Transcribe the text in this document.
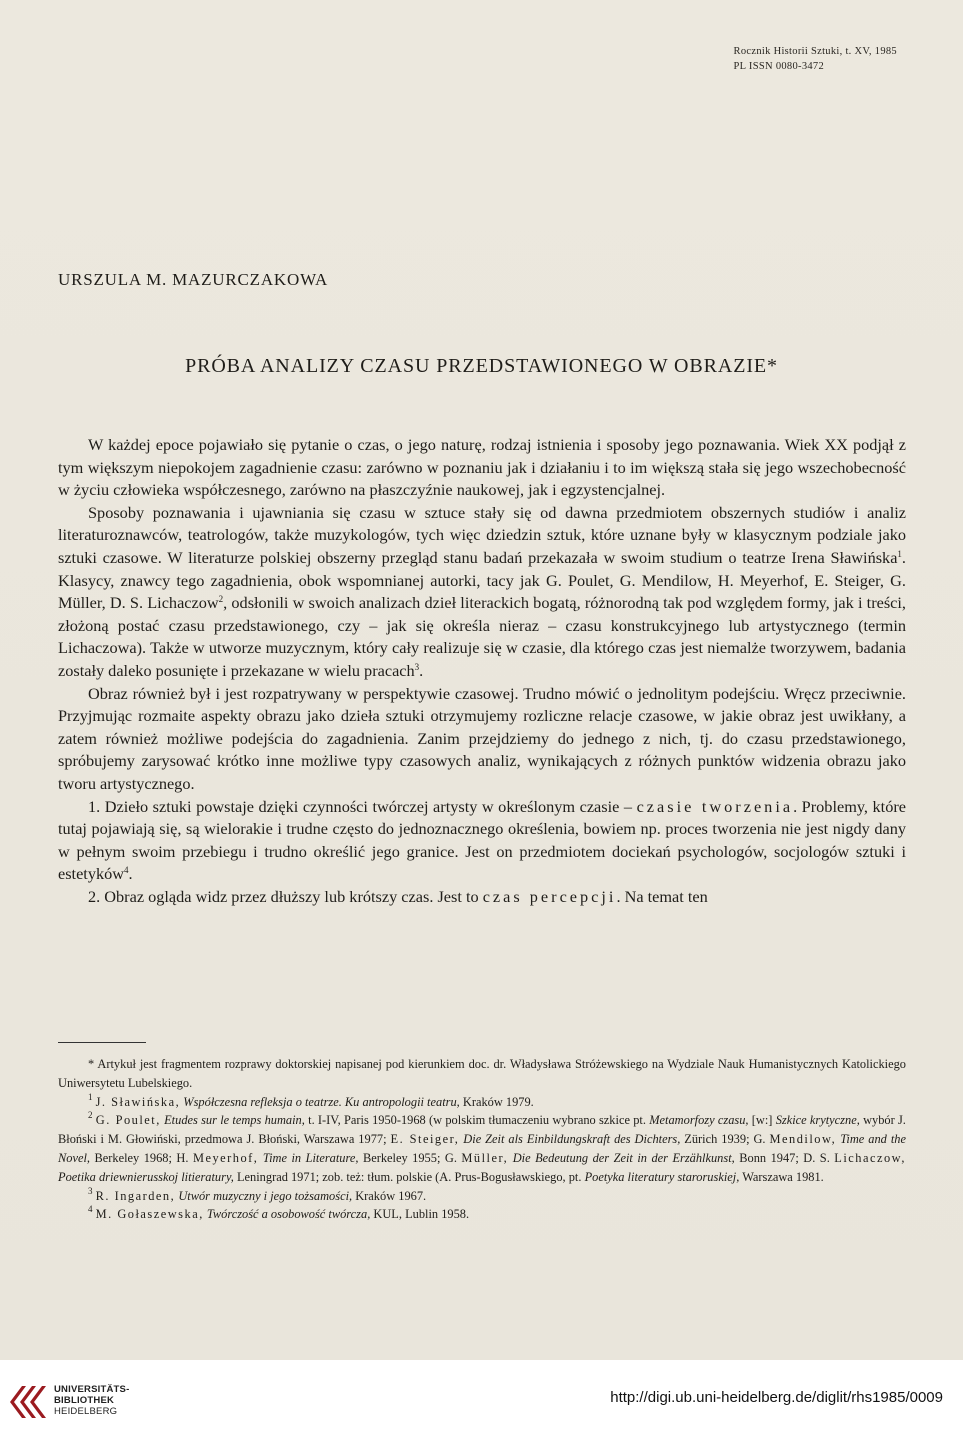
Rocznik Historii Sztuki, t. XV, 1985
PL ISSN 0080-3472
URSZULA M. MAZURCZAKOWA
PRÓBA ANALIZY CZASU PRZEDSTAWIONEGO W OBRAZIE*

W każdej epoce pojawiało się pytanie o czas, o jego naturę, rodzaj istnienia i sposoby jego poznawania. Wiek XX podjął z tym większym niepokojem zagadnienie czasu: zarówno w poznaniu jak i działaniu i to im większą stała się jego wszechobecność w życiu człowieka współczesnego, zarówno na płaszczyźnie naukowej, jak i egzystencjalnej.

Sposoby poznawania i ujawniania się czasu w sztuce stały się od dawna przedmiotem obszernych studiów i analiz literaturoznawców, teatrologów, także muzykologów, tych więc dziedzin sztuk, które uznane były w klasycznym podziale jako sztuki czasowe. W literaturze polskiej obszerny przegląd stanu badań przekazała w swoim studium o teatrze Irena Sławińska$^1$. Klasycy, znawcy tego zagadnienia, obok wspomnianej autorki, tacy jak G. Poulet, G. Mendilow, H. Meyerhof, E. Steiger, G. Müller, D. S. Lichaczow$^2$, odsłonili w swoich analizach dzieł literackich bogatą, różnorodną tak pod względem formy, jak i treści, złożoną postać czasu przedstawionego, czy – jak się określa nieraz – czasu konstrukcyjnego lub artystycznego (termin Lichaczowa). Także w utworze muzycznym, który cały realizuje się w czasie, dla którego czas jest niemalże tworzywem, badania zostały daleko posunięte i przekazane w wielu pracach$^3$.

Obraz również był i jest rozpatrywany w perspektywie czasowej. Trudno mówić o jednolitym podejściu. Wręcz przeciwnie. Przyjmując rozmaite aspekty obrazu jako dzieła sztuki otrzymujemy rozliczne relacje czasowe, w jakie obraz jest uwikłany, a zatem również możliwe podejścia do zagadnienia. Zanim przejdziemy do jednego z nich, tj. do czasu przedstawionego, spróbujemy zarysować krótko inne możliwe typy czasowych analiz, wynikających z różnych punktów widzenia obrazu jako tworu artystycznego.

1. Dzieło sztuki powstaje dzięki czynności twórczej artysty w określonym czasie – czasie tworzenia. Problemy, które tutaj pojawiają się, są wielorakie i trudne często do jednoznacznego określenia, bowiem np. proces tworzenia nie jest nigdy dany w pełnym swoim przebiegu i trudno określić jego granice. Jest on przedmiotem dociekań psychologów, socjologów sztuki i estetyków$^4$.

2. Obraz ogląda widz przez dłuższy lub krótszy czas. Jest to czas percepcji. Na temat ten

* Artykuł jest fragmentem rozprawy doktorskiej napisanej pod kierunkiem doc. dr. Władysława Stróżewskiego na Wydziale Nauk Humanistycznych Katolickiego Uniwersytetu Lubelskiego.

$^1$ J. Sławińska, Współczesna refleksja o teatrze. Ku antropologii teatru, Kraków 1979.

$^2$ G. Poulet, Etudes sur le temps humain, t. I-IV, Paris 1950-1968 (w polskim tłumaczeniu wybrano szkice pt. Metamorfozy czasu, [w:] Szkice krytyczne, wybór J. Błoński i M. Głowiński, przedmowa J. Błoński, Warszawa 1977; E. Steiger, Die Zeit als Einbildungskraft des Dichters, Zürich 1939; G. Mendilow, Time and the Novel, Berkeley 1968; H. Meyerhof, Time in Literature, Berkeley 1955; G. Müller, Die Bedeutung der Zeit in der Erzählkunst, Bonn 1947; D. S. Lichaczow, Poetika driewnierusskoj litieratury, Leningrad 1971; zob. też: tłum. polskie (A. Prus-Bogusławskiego, pt. Poetyka literatury staroruskiej, Warszawa 1981.

$^3$ R. Ingarden, Utwór muzyczny i jego tożsamości, Kraków 1967.

$^4$ M. Gołaszewska, Twórczość a osobowość twórcza, KUL, Lublin 1958.

UNIVERSITÄTS-
BIBLIOTHEK
HEIDELBERG
http://digi.ub.uni-heidelberg.de/diglit/rhs1985/0009
